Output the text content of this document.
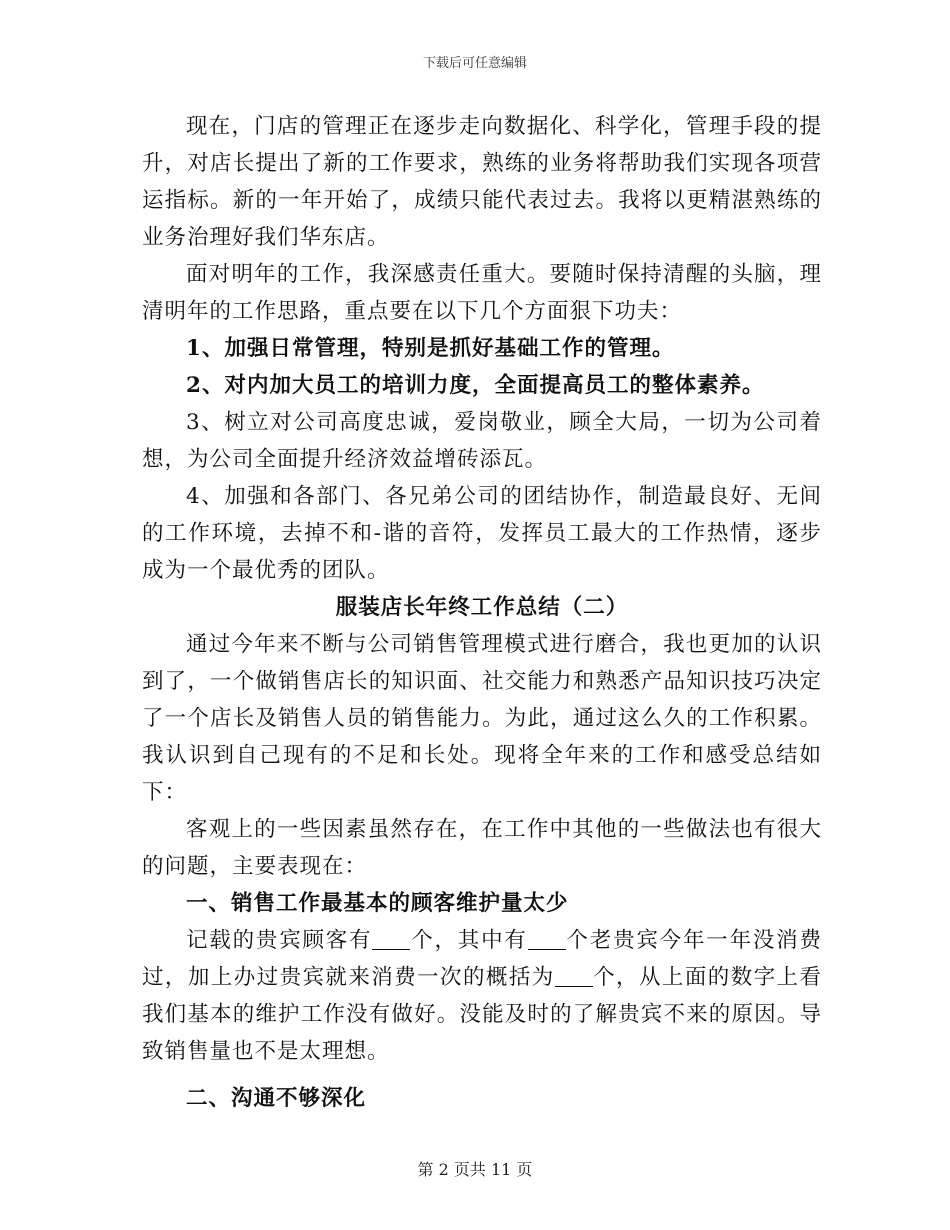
下载后可任意编辑

现在，门店的管理正在逐步走向数据化、科学化，管理手段的提升，对店长提出了新的工作要求，熟练的业务将帮助我们实现各项营运指标。新的一年开始了，成绩只能代表过去。我将以更精湛熟练的业务治理好我们华东店。

面对明年的工作，我深感责任重大。要随时保持清醒的头脑，理清明年的工作思路，重点要在以下几个方面狠下功夫：

1、加强日常管理，特别是抓好基础工作的管理。

2、对内加大员工的培训力度，全面提高员工的整体素养。

3、树立对公司高度忠诚，爱岗敬业，顾全大局，一切为公司着想，为公司全面提升经济效益增砖添瓦。

4、加强和各部门、各兄弟公司的团结协作，制造最良好、无间的工作环境，去掉不和-谐的音符，发挥员工最大的工作热情，逐步成为一个最优秀的团队。

服装店长年终工作总结（二）

通过今年来不断与公司销售管理模式进行磨合，我也更加的认识到了，一个做销售店长的知识面、社交能力和熟悉产品知识技巧决定了一个店长及销售人员的销售能力。为此，通过这么久的工作积累。我认识到自己现有的不足和长处。现将全年来的工作和感受总结如下：

客观上的一些因素虽然存在，在工作中其他的一些做法也有很大的问题，主要表现在：

一、销售工作最基本的顾客维护量太少

记载的贵宾顾客有 个，其中有 个老贵宾今年一年没消费过，加上办过贵宾就来消费一次的概括为 个，从上面的数字上看我们基本的维护工作没有做好。没能及时的了解贵宾不来的原因。导致销售量也不是太理想。

二、沟通不够深化

第 2 页共 11 页
